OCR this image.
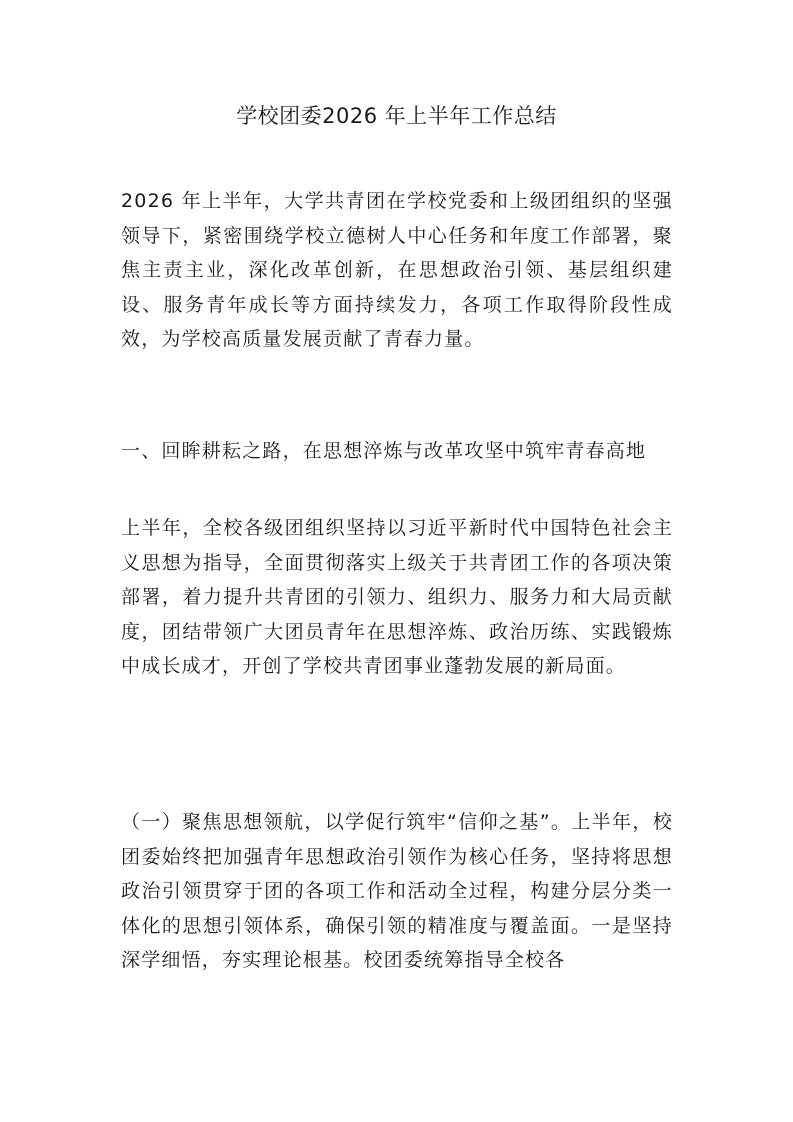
学校团委2026 年上半年工作总结

2026 年上半年，大学共青团在学校党委和上级团组织的坚强领导下，紧密围绕学校立德树人中心任务和年度工作部署，聚焦主责主业，深化改革创新，在思想政治引领、基层组织建设、服务青年成长等方面持续发力，各项工作取得阶段性成效，为学校高质量发展贡献了青春力量。

一、回眸耕耘之路，在思想淬炼与改革攻坚中筑牢青春高地

上半年，全校各级团组织坚持以习近平新时代中国特色社会主义思想为指导，全面贯彻落实上级关于共青团工作的各项决策部署，着力提升共青团的引领力、组织力、服务力和大局贡献度，团结带领广大团员青年在思想淬炼、政治历练、实践锻炼中成长成才，开创了学校共青团事业蓬勃发展的新局面。

（一）聚焦思想领航，以学促行筑牢“信仰之基”。上半年，校团委始终把加强青年思想政治引领作为核心任务，坚持将思想政治引领贯穿于团的各项工作和活动全过程，构建分层分类一体化的思想引领体系，确保引领的精准度与覆盖面。一是坚持深学细悟，夯实理论根基。校团委统筹指导全校各
